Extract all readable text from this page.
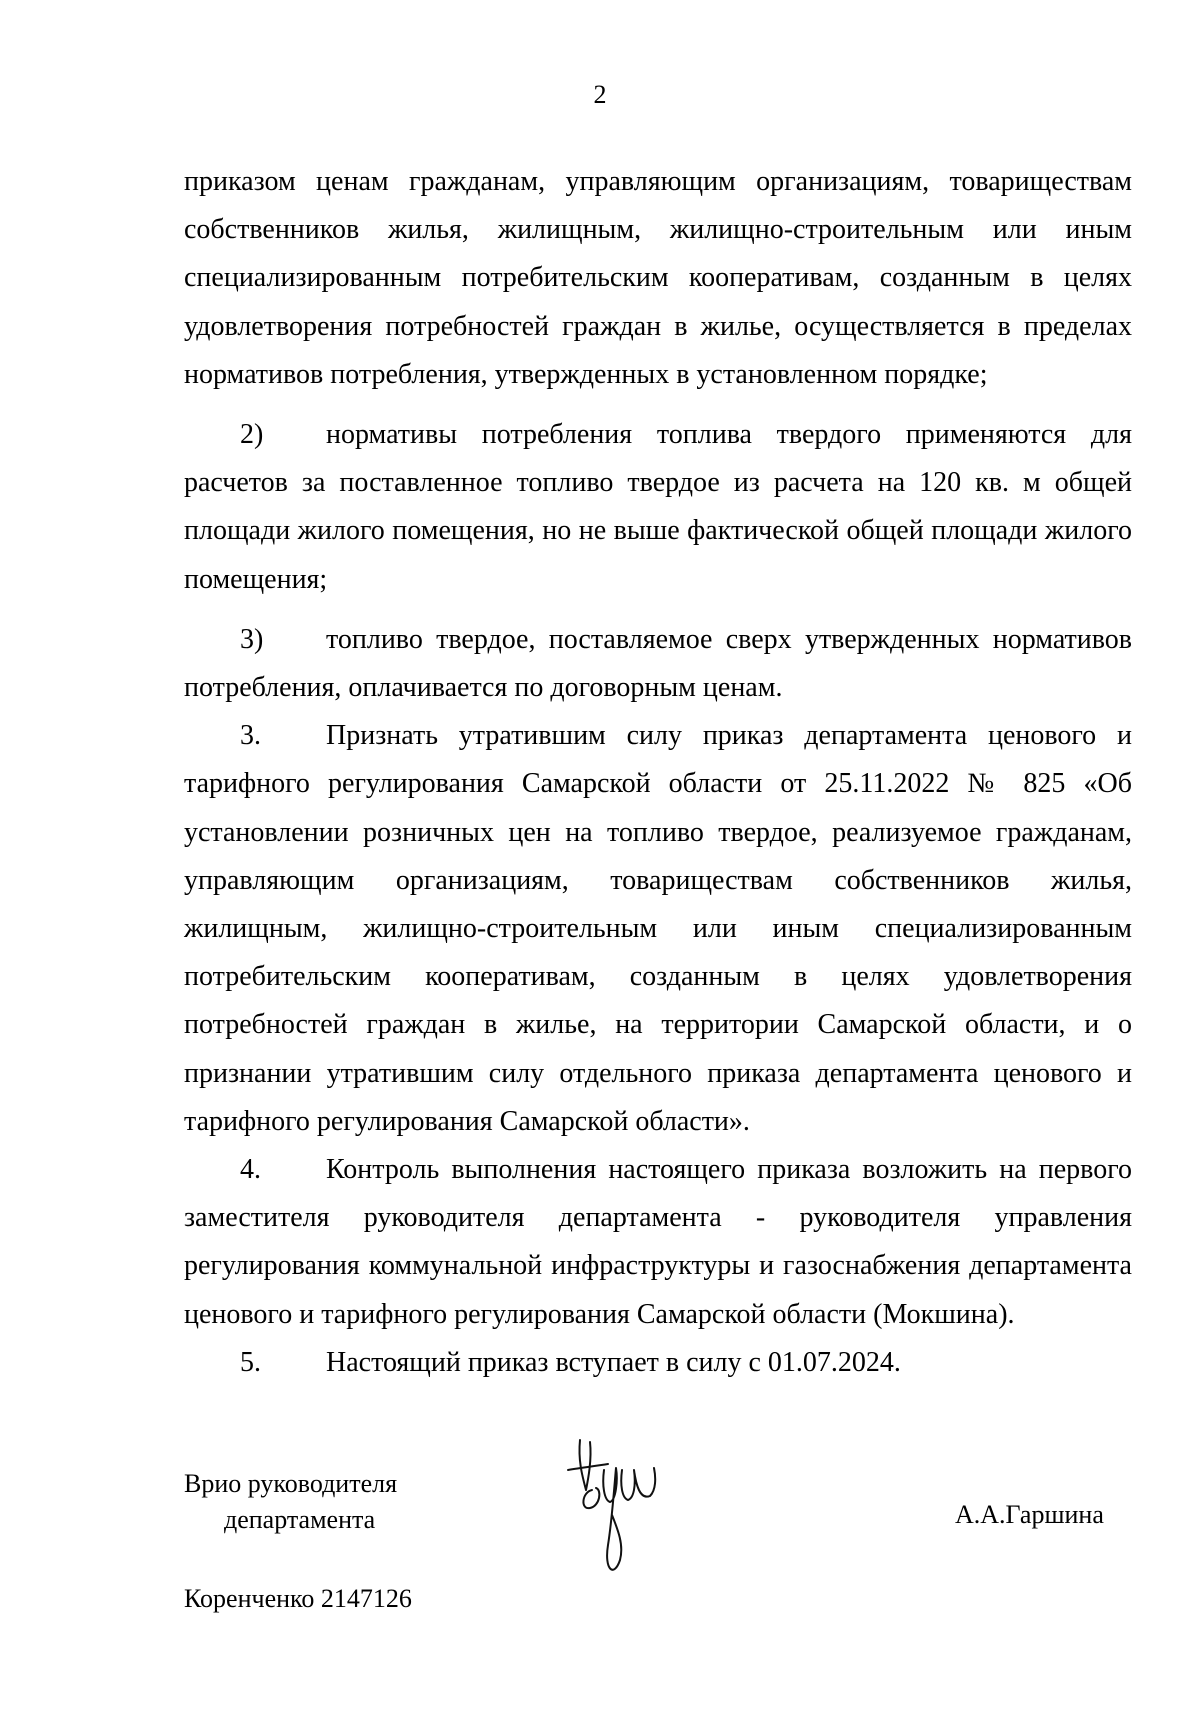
2

приказом ценам гражданам, управляющим организациям, товариществам собственников жилья, жилищным, жилищно-строительным или иным специализированным потребительским кооперативам, созданным в целях удовлетворения потребностей граждан в жилье, осуществляется в пределах нормативов потребления, утвержденных в установленном порядке;

2) нормативы потребления топлива твердого применяются для расчетов за поставленное топливо твердое из расчета на 120 кв. м общей площади жилого помещения, но не выше фактической общей площади жилого помещения;

3) топливо твердое, поставляемое сверх утвержденных нормативов потребления, оплачивается по договорным ценам.

3. Признать утратившим силу приказ департамента ценового и тарифного регулирования Самарской области от 25.11.2022 № 825 «Об установлении розничных цен на топливо твердое, реализуемое гражданам, управляющим организациям, товариществам собственников жилья, жилищным, жилищно-строительным или иным специализированным потребительским кооперативам, созданным в целях удовлетворения потребностей граждан в жилье, на территории Самарской области, и о признании утратившим силу отдельного приказа департамента ценового и тарифного регулирования Самарской области».

4. Контроль выполнения настоящего приказа возложить на первого заместителя руководителя департамента - руководителя управления регулирования коммунальной инфраструктуры и газоснабжения департамента ценового и тарифного регулирования Самарской области (Мокшина).

5. Настоящий приказ вступает в силу с 01.07.2024.

Врио руководителя
департамента	А.А.Гаршина
Коренченко 2147126
